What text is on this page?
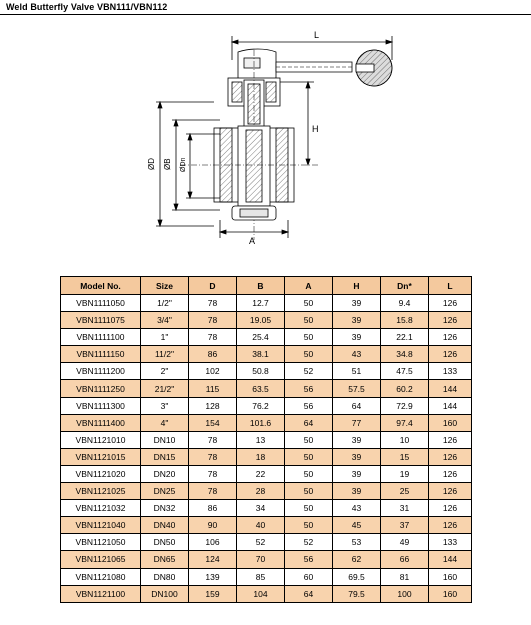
Weld Butterfly Valve VBN111/VBN112
L
H
ØD ØB ØDn
A
Model No.	Size	D	B	A	H	Dn*	L
VBN1111050	1/2"	78	12.7	50	39	9.4	126
VBN1111075	3/4"	78	19.05	50	39	15.8	126
VBN1111100	1"	78	25.4	50	39	22.1	126
VBN1111150	11/2"	86	38.1	50	43	34.8	126
VBN1111200	2"	102	50.8	52	51	47.5	133
VBN1111250	21/2"	115	63.5	56	57.5	60.2	144
VBN1111300	3"	128	76.2	56	64	72.9	144
VBN1111400	4"	154	101.6	64	77	97.4	160
VBN1121010	DN10	78	13	50	39	10	126
VBN1121015	DN15	78	18	50	39	15	126
VBN1121020	DN20	78	22	50	39	19	126
VBN1121025	DN25	78	28	50	39	25	126
VBN1121032	DN32	86	34	50	43	31	126
VBN1121040	DN40	90	40	50	45	37	126
VBN1121050	DN50	106	52	52	53	49	133
VBN1121065	DN65	124	70	56	62	66	144
VBN1121080	DN80	139	85	60	69.5	81	160
VBN1121100	DN100	159	104	64	79.5	100	160
